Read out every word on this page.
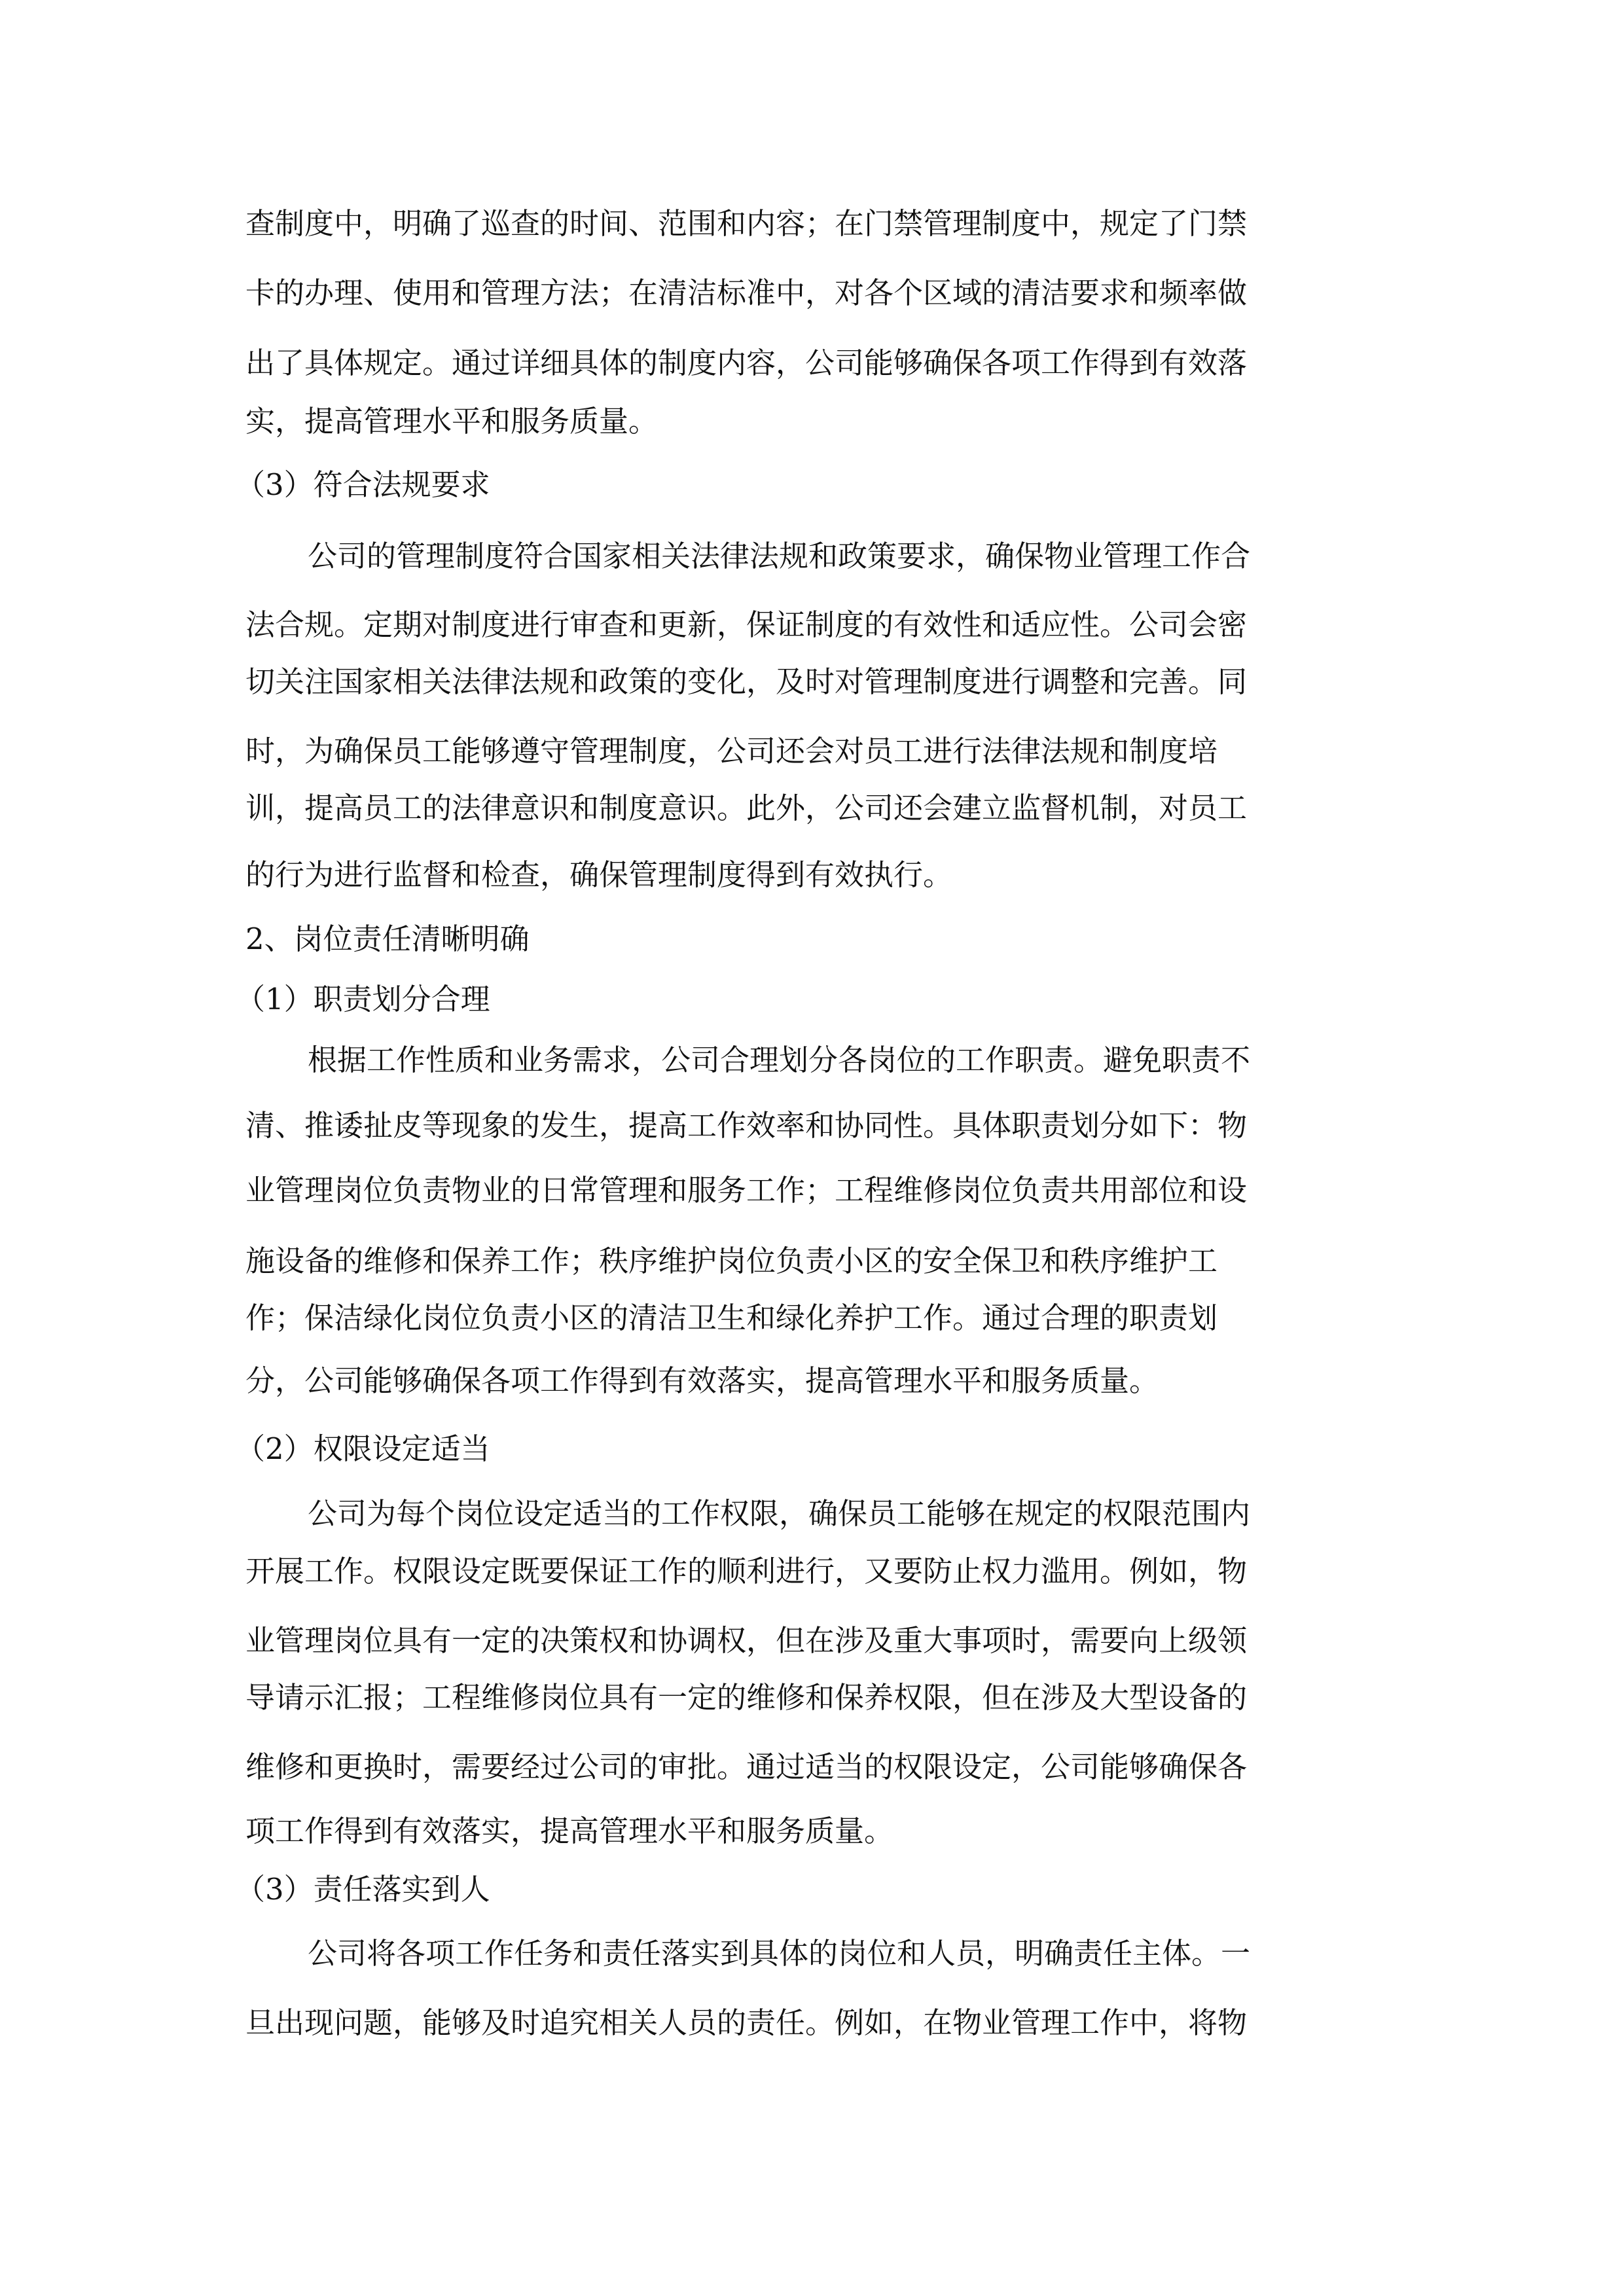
查制度中，明确了巡查的时间、范围和内容；在门禁管理制度中，规定了门禁
卡的办理、使用和管理方法；在清洁标准中，对各个区域的清洁要求和频率做
出了具体规定。通过详细具体的制度内容，公司能够确保各项工作得到有效落
实，提高管理水平和服务质量。
（3）符合法规要求
公司的管理制度符合国家相关法律法规和政策要求，确保物业管理工作合
法合规。定期对制度进行审查和更新，保证制度的有效性和适应性。公司会密
切关注国家相关法律法规和政策的变化，及时对管理制度进行调整和完善。同
时，为确保员工能够遵守管理制度，公司还会对员工进行法律法规和制度培
训，提高员工的法律意识和制度意识。此外，公司还会建立监督机制，对员工
的行为进行监督和检查，确保管理制度得到有效执行。
2、岗位责任清晰明确
（1）职责划分合理
根据工作性质和业务需求，公司合理划分各岗位的工作职责。避免职责不
清、推诿扯皮等现象的发生，提高工作效率和协同性。具体职责划分如下：物
业管理岗位负责物业的日常管理和服务工作；工程维修岗位负责共用部位和设
施设备的维修和保养工作；秩序维护岗位负责小区的安全保卫和秩序维护工
作；保洁绿化岗位负责小区的清洁卫生和绿化养护工作。通过合理的职责划
分，公司能够确保各项工作得到有效落实，提高管理水平和服务质量。
（2）权限设定适当
公司为每个岗位设定适当的工作权限，确保员工能够在规定的权限范围内
开展工作。权限设定既要保证工作的顺利进行，又要防止权力滥用。例如，物
业管理岗位具有一定的决策权和协调权，但在涉及重大事项时，需要向上级领
导请示汇报；工程维修岗位具有一定的维修和保养权限，但在涉及大型设备的
维修和更换时，需要经过公司的审批。通过适当的权限设定，公司能够确保各
项工作得到有效落实，提高管理水平和服务质量。
（3）责任落实到人
公司将各项工作任务和责任落实到具体的岗位和人员，明确责任主体。一
旦出现问题，能够及时追究相关人员的责任。例如，在物业管理工作中，将物
